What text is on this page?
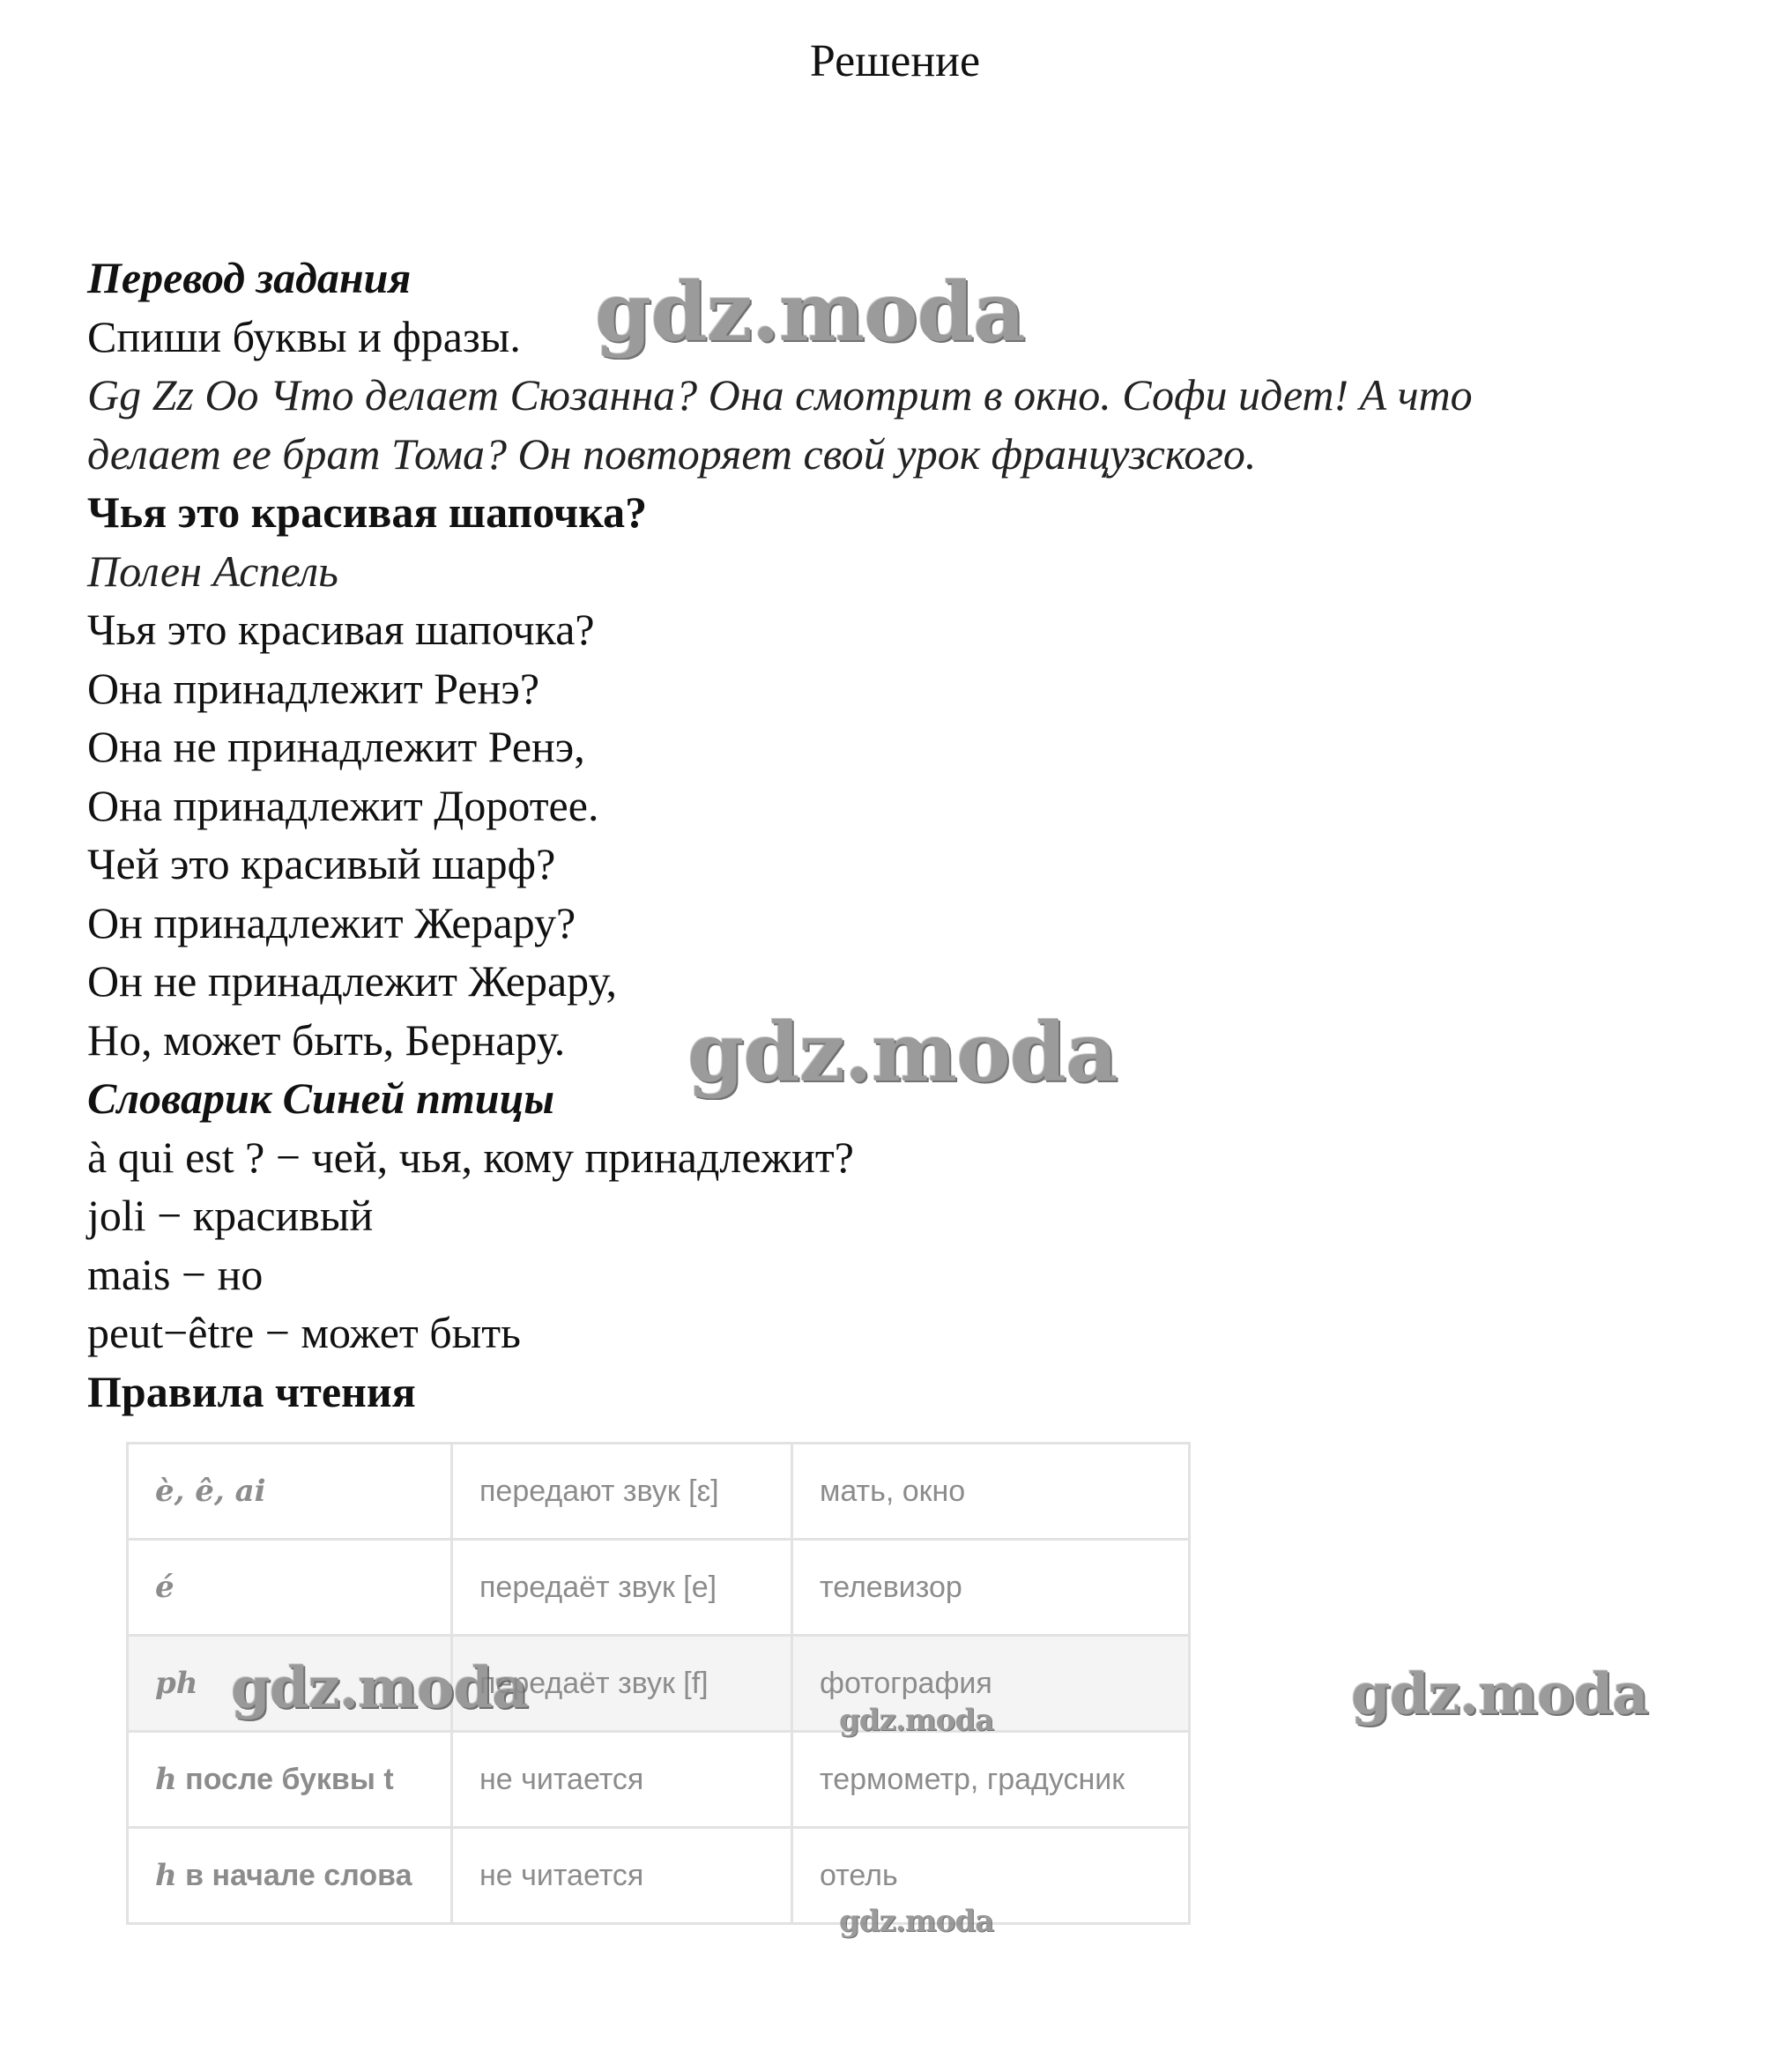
Решение
Перевод задания
Спиши буквы и фразы.
Gg Zz Oo Что делает Сюзанна? Она смотрит в окно. Софи идет! А что
делает ее брат Тома? Он повторяет свой урок французского.
Чья это красивая шапочка?
Полен Аспель
Чья это красивая шапочка?
Она принадлежит Ренэ?
Она не принадлежит Ренэ,
Она принадлежит Доротее.
Чей это красивый шарф?
Он принадлежит Жерару?
Он не принадлежит Жерару,
Но, может быть, Бернару.
Словарик Синей птицы
à qui est ? − чей, чья, кому принадлежит?
joli − красивый
mais − но
peut−être − может быть
Правила чтения
è, ê, ai	передают звук [ɛ]	мать, окно
é	передаёт звук [e]	телевизор
ph	передаёт звук [f]	фотография
h после буквы t	не читается	термометр, градусник
h в начале слова	не читается	отель
gdz.moda
gdz.moda
gdz.moda	gdz.moda
gdz.moda
gdz.moda
